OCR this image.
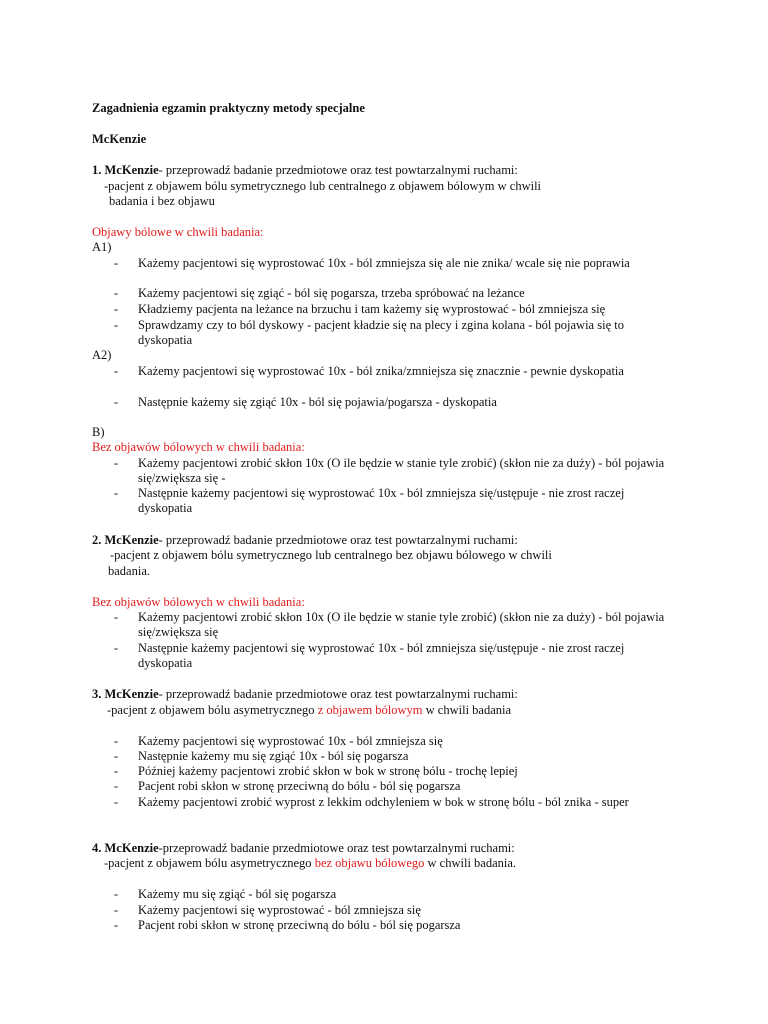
Zagadnienia egzamin praktyczny metody specjalne
McKenzie
1. McKenzie- przeprowadź badanie przedmiotowe oraz test powtarzalnymi ruchami:
-pacjent z objawem bólu symetrycznego lub centralnego z objawem bólowym w chwili
badania i bez objawu
Objawy bólowe w chwili badania:
A1)
- Każemy pacjentowi się wyprostować 10x - ból zmniejsza się ale nie znika/ wcale się nie poprawia
- Każemy pacjentowi się zgiąć - ból się pogarsza, trzeba spróbować na leżance
- Kładziemy pacjenta na leżance na brzuchu i tam każemy się wyprostować - ból zmniejsza się
- Sprawdzamy czy to ból dyskowy - pacjent kładzie się na plecy i zgina kolana - ból pojawia się to dyskopatia
A2)
- Każemy pacjentowi się wyprostować 10x - ból znika/zmniejsza się znacznie - pewnie dyskopatia
- Następnie każemy się zgiąć 10x - ból się pojawia/pogarsza - dyskopatia
B)
Bez objawów bólowych w chwili badania:
- Każemy pacjentowi zrobić skłon 10x (O ile będzie w stanie tyle zrobić) (skłon nie za duży) - ból pojawia się/zwiększa się -
- Następnie każemy pacjentowi się wyprostować 10x - ból zmniejsza się/ustępuje - nie zrost raczej dyskopatia
2. McKenzie- przeprowadź badanie przedmiotowe oraz test powtarzalnymi ruchami:
-pacjent z objawem bólu symetrycznego lub centralnego bez objawu bólowego w chwili
badania.
Bez objawów bólowych w chwili badania:
- Każemy pacjentowi zrobić skłon 10x (O ile będzie w stanie tyle zrobić) (skłon nie za duży) - ból pojawia się/zwiększa się
- Następnie każemy pacjentowi się wyprostować 10x - ból zmniejsza się/ustępuje - nie zrost raczej dyskopatia
3. McKenzie- przeprowadź badanie przedmiotowe oraz test powtarzalnymi ruchami:
-pacjent z objawem bólu asymetrycznego z objawem bólowym w chwili badania
- Każemy pacjentowi się wyprostować 10x - ból zmniejsza się
- Następnie każemy mu się zgiąć 10x - ból się pogarsza
- Później każemy pacjentowi zrobić skłon w bok w stronę bólu - trochę lepiej
- Pacjent robi skłon w stronę przeciwną do bólu - ból się pogarsza
- Każemy pacjentowi zrobić wyprost z lekkim odchyleniem w bok w stronę bólu - ból znika - super
4. McKenzie-przeprowadź badanie przedmiotowe oraz test powtarzalnymi ruchami:
-pacjent z objawem bólu asymetrycznego bez objawu bólowego w chwili badania.
- Każemy mu się zgiąć - ból się pogarsza
- Każemy pacjentowi się wyprostować - ból zmniejsza się
- Pacjent robi skłon w stronę przeciwną do bólu - ból się pogarsza
